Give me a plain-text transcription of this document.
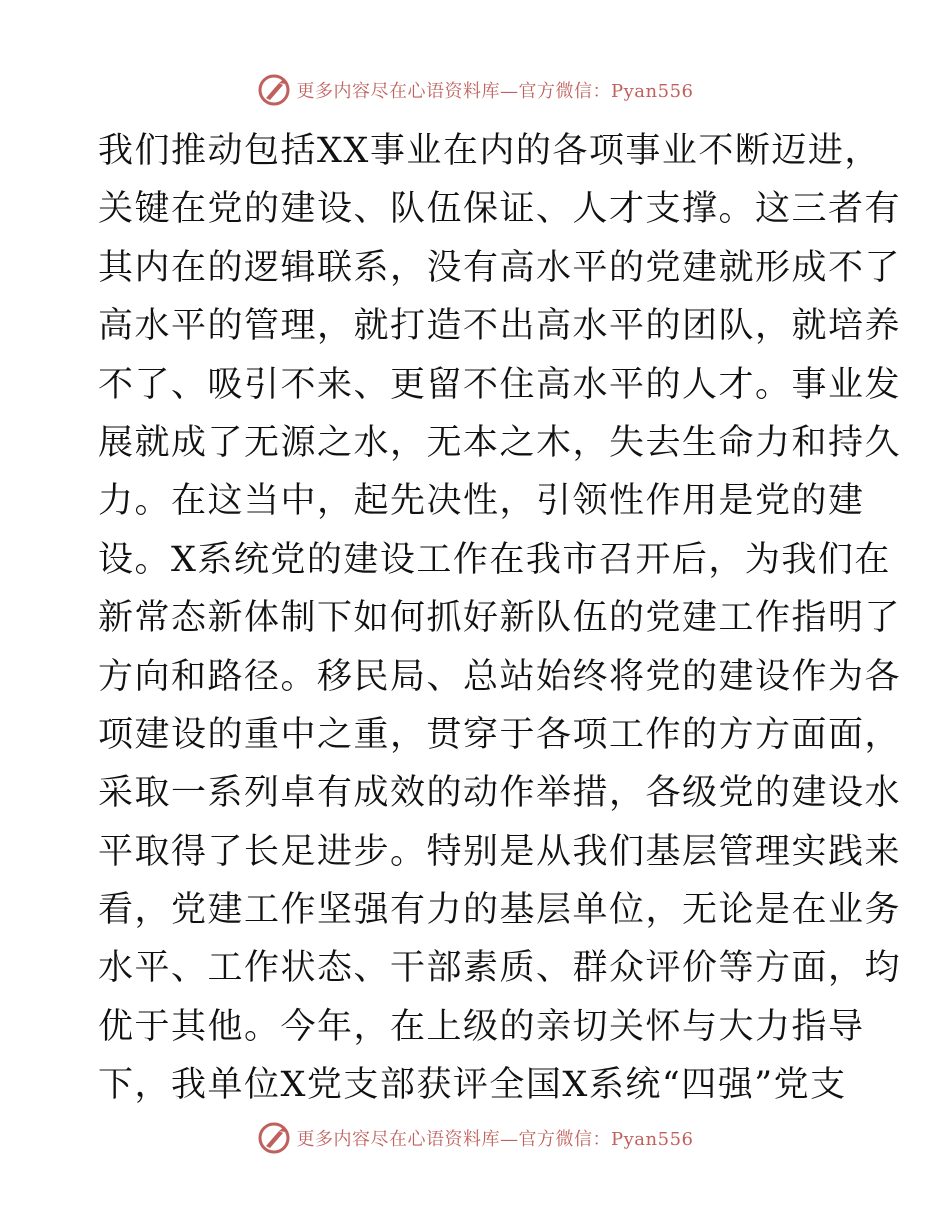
更多内容尽在心语资料库—官方微信：Pyan556
我们推动包括XX事业在内的各项事业不断迈进，
关键在党的建设、队伍保证、人才支撑。这三者有
其内在的逻辑联系，没有高水平的党建就形成不了
高水平的管理，就打造不出高水平的团队，就培养
不了、吸引不来、更留不住高水平的人才。事业发
展就成了无源之水，无本之木，失去生命力和持久
力。在这当中，起先决性，引领性作用是党的建
设。X系统党的建设工作在我市召开后，为我们在
新常态新体制下如何抓好新队伍的党建工作指明了
方向和路径。移民局、总站始终将党的建设作为各
项建设的重中之重，贯穿于各项工作的方方面面，
采取一系列卓有成效的动作举措，各级党的建设水
平取得了长足进步。特别是从我们基层管理实践来
看，党建工作坚强有力的基层单位，无论是在业务
水平、工作状态、干部素质、群众评价等方面，均
优于其他。今年，在上级的亲切关怀与大力指导
下，我单位X党支部获评全国X系统“四强”党支
更多内容尽在心语资料库—官方微信：Pyan556
